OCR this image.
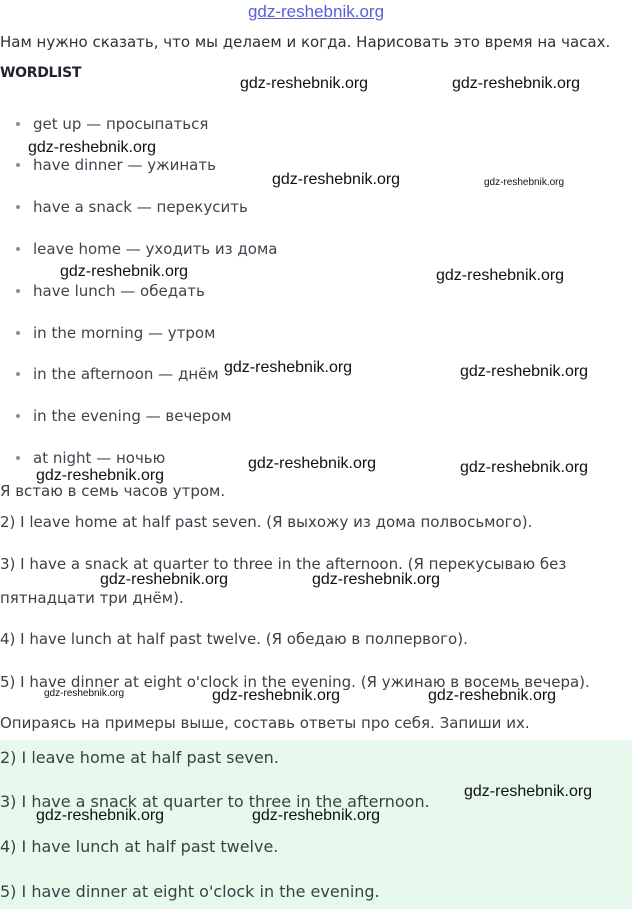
gdz-reshebnik.org
Нам нужно сказать, что мы делаем и когда. Нарисовать это время на часах.
WORDLIST
get up — просыпаться
have dinner — ужинать
have a snack — перекусить
leave home — уходить из дома
have lunch — обедать
in the morning — утром
in the afternoon — днём
in the evening — вечером
at night — ночью
Я встаю в семь часов утром.
2) I leave home at half past seven. (Я выхожу из дома полвосьмого).
3) I have a snack at quarter to three in the afternoon. (Я перекусываю без
пятнадцати три днём).
4) I have lunch at half past twelve. (Я обедаю в полпервого).
5) I have dinner at eight o'clock in the evening. (Я ужинаю в восемь вечера).
Опираясь на примеры выше, составь ответы про себя. Запиши их.
2) I leave home at half past seven.
3) I have a snack at quarter to three in the afternoon.
4) I have lunch at half past twelve.
5) I have dinner at eight o'clock in the evening.
gdz-reshebnik.org	gdz-reshebnik.org
gdz-reshebnik.org
gdz-reshebnik.org	gdz-reshebnik.org
gdz-reshebnik.org	gdz-reshebnik.org
gdz-reshebnik.org	gdz-reshebnik.org
gdz-reshebnik.org	gdz-reshebnik.org
gdz-reshebnik.org
gdz-reshebnik.org	gdz-reshebnik.org
gdz-reshebnik.org	gdz-reshebnik.org	gdz-reshebnik.org
gdz-reshebnik.org
gdz-reshebnik.org	gdz-reshebnik.org
